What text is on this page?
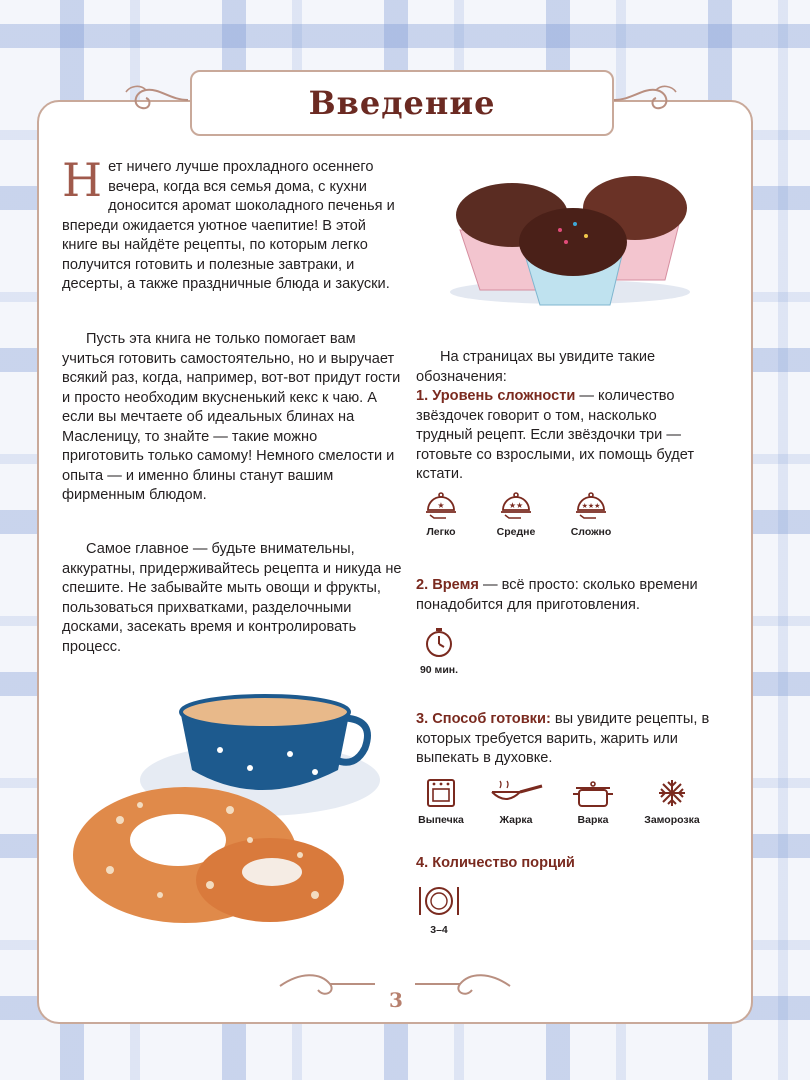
Введение

Нет ничего лучше прохладного осеннего вечера, когда вся семья дома, с кухни доносится аромат шоколадного печенья и впереди ожидается уютное чаепитие! В этой книге вы найдёте рецепты, по которым легко получится готовить и полезные завтраки, и десерты, а также праздничные блюда и закуски.

Пусть эта книга не только помогает вам учиться готовить самостоятельно, но и выручает всякий раз, когда, например, вот-вот придут гости и просто необходим вкусненький кекс к чаю. А если вы мечтаете об идеальных блинах на Масленицу, то знайте — такие можно приготовить только самому! Немного смелости и опыта — и именно блины станут вашим фирменным блюдом.

Самое главное — будьте внимательны, аккуратны, придерживайтесь рецепта и никуда не спешите. Не забывайте мыть овощи и фрукты, пользоваться прихватками, разделочными досками, засекать время и контролировать процесс.

На страницах вы увидите такие обозначения:

1. Уровень сложности — количество звёздочек говорит о том, насколько трудный рецепт. Если звёздочки три — готовьте со взрослыми, их помощь будет кстати.

★
Легко
★★
Средне
★★★
Сложно

2. Время — всё просто: сколько времени понадобится для приготовления.

90 мин.

3. Способ готовки: вы увидите рецепты, в которых требуется варить, жарить или выпекать в духовке.

Выпечка	Жарка	Варка	Заморозка

4. Количество порций

3–4
3
